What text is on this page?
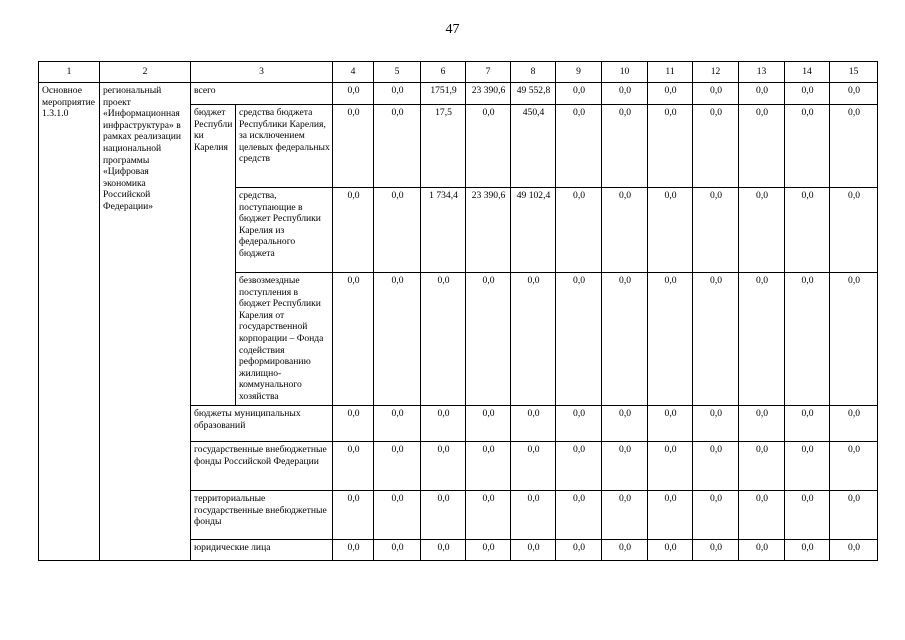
47
1	2	3		4	5	6	7	8	9	10	11	12	13	14	15
Основное мероприятие 1.3.1.0	региональный проект «Информационная инфраструктура» в рамках реализации национальной программы «Цифровая экономика Российской Федерации»	всего		0,0	0,0	1751,9	23 390,6	49 552,8	0,0	0,0	0,0	0,0	0,0	0,0	0,0
		бюджет Республики Карелия	средства бюджета Республики Карелия, за исключением целевых федеральных средств	0,0	0,0	17,5	0,0	450,4	0,0	0,0	0,0	0,0	0,0	0,0	0,0
			средства, поступающие в бюджет Республики Карелия из федерального бюджета	0,0	0,0	1 734,4	23 390,6	49 102,4	0,0	0,0	0,0	0,0	0,0	0,0	0,0
			безвозмездные поступления в бюджет Республики Карелия от государственной корпорации – Фонда содействия реформированию жилищно-коммунального хозяйства	0,0	0,0	0,0	0,0	0,0	0,0	0,0	0,0	0,0	0,0	0,0	0,0
		бюджеты муниципальных образований		0,0	0,0	0,0	0,0	0,0	0,0	0,0	0,0	0,0	0,0	0,0	0,0
		государственные внебюджетные фонды Российской Федерации		0,0	0,0	0,0	0,0	0,0	0,0	0,0	0,0	0,0	0,0	0,0	0,0
		территориальные государственные внебюджетные фонды		0,0	0,0	0,0	0,0	0,0	0,0	0,0	0,0	0,0	0,0	0,0	0,0
		юридические лица		0,0	0,0	0,0	0,0	0,0	0,0	0,0	0,0	0,0	0,0	0,0	0,0
